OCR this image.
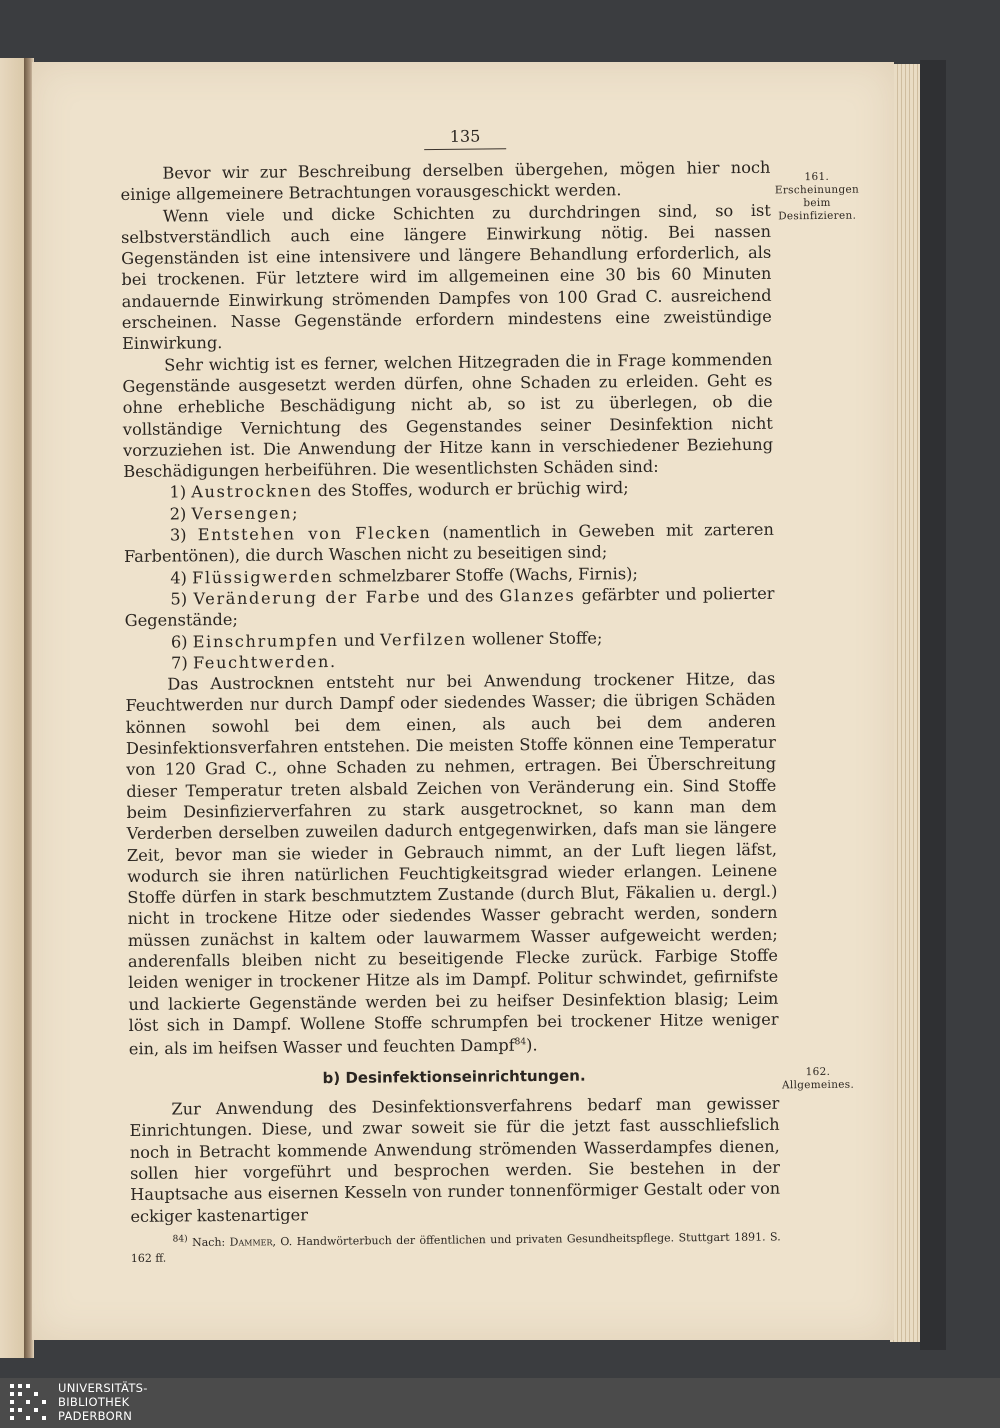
135

Bevor wir zur Beschreibung derselben übergehen, mögen hier noch einige allgemeinere Betrachtungen vorausgeschickt werden.

Wenn viele und dicke Schichten zu durchdringen sind, so ist selbstverständlich auch eine längere Einwirkung nötig. Bei nassen Gegenständen ist eine intensivere und längere Behandlung erforderlich, als bei trockenen. Für letztere wird im allgemeinen eine 30 bis 60 Minuten andauernde Einwirkung strömenden Dampfes von 100 Grad C. ausreichend erscheinen. Nasse Gegenstände erfordern mindestens eine zweistündige Einwirkung.

Sehr wichtig ist es ferner, welchen Hitzegraden die in Frage kommenden Gegenstände ausgesetzt werden dürfen, ohne Schaden zu erleiden. Geht es ohne erhebliche Beschädigung nicht ab, so ist zu überlegen, ob die vollständige Vernichtung des Gegenstandes seiner Desinfektion nicht vorzuziehen ist. Die Anwendung der Hitze kann in verschiedener Beziehung Beschädigungen herbeiführen. Die wesentlichsten Schäden sind:

1) Austrocknen des Stoffes, wodurch er brüchig wird;

2) Versengen;

3) Entstehen von Flecken (namentlich in Geweben mit zarteren Farbentönen), die durch Waschen nicht zu beseitigen sind;

4) Flüssigwerden schmelzbarer Stoffe (Wachs, Firnis);

5) Veränderung der Farbe und des Glanzes gefärbter und polierter Gegenstände;

6) Einschrumpfen und Verfilzen wollener Stoffe;

7) Feuchtwerden.

Das Austrocknen entsteht nur bei Anwendung trockener Hitze, das Feuchtwerden nur durch Dampf oder siedendes Wasser; die übrigen Schäden können sowohl bei dem einen, als auch bei dem anderen Desinfektionsverfahren entstehen. Die meisten Stoffe können eine Temperatur von 120 Grad C., ohne Schaden zu nehmen, ertragen. Bei Überschreitung dieser Temperatur treten alsbald Zeichen von Veränderung ein. Sind Stoffe beim Desinfizierverfahren zu stark ausgetrocknet, so kann man dem Verderben derselben zuweilen dadurch entgegenwirken, dafs man sie längere Zeit, bevor man sie wieder in Gebrauch nimmt, an der Luft liegen läfst, wodurch sie ihren natürlichen Feuchtigkeitsgrad wieder erlangen. Leinene Stoffe dürfen in stark beschmutztem Zustande (durch Blut, Fäkalien u. dergl.) nicht in trockene Hitze oder siedendes Wasser gebracht werden, sondern müssen zunächst in kaltem oder lauwarmem Wasser aufgeweicht werden; anderenfalls bleiben nicht zu beseitigende Flecke zurück. Farbige Stoffe leiden weniger in trockener Hitze als im Dampf. Politur schwindet, gefirnifste und lackierte Gegenstände werden bei zu heifser Desinfektion blasig; Leim löst sich in Dampf. Wollene Stoffe schrumpfen bei trockener Hitze weniger ein, als im heifsen Wasser und feuchten Dampf$^{84}$).

b) Desinfektionseinrichtungen.

Zur Anwendung des Desinfektionsverfahrens bedarf man gewisser Einrichtungen. Diese, und zwar soweit sie für die jetzt fast ausschliefslich noch in Betracht kommende Anwendung strömenden Wasserdampfes dienen, sollen hier vorgeführt und besprochen werden. Sie bestehen in der Hauptsache aus eisernen Kesseln von runder tonnenförmiger Gestalt oder von eckiger kastenartiger

$^{84)}$ Nach: Dammer, O. Handwörterbuch der öffentlichen und privaten Gesundheitspflege. Stuttgart 1891. S. 162 ff.
161.
Erscheinungen
beim
Desinfizieren.
162.
Allgemeines.
UNIVERSITÄTS-
BIBLIOTHEK
PADERBORN
